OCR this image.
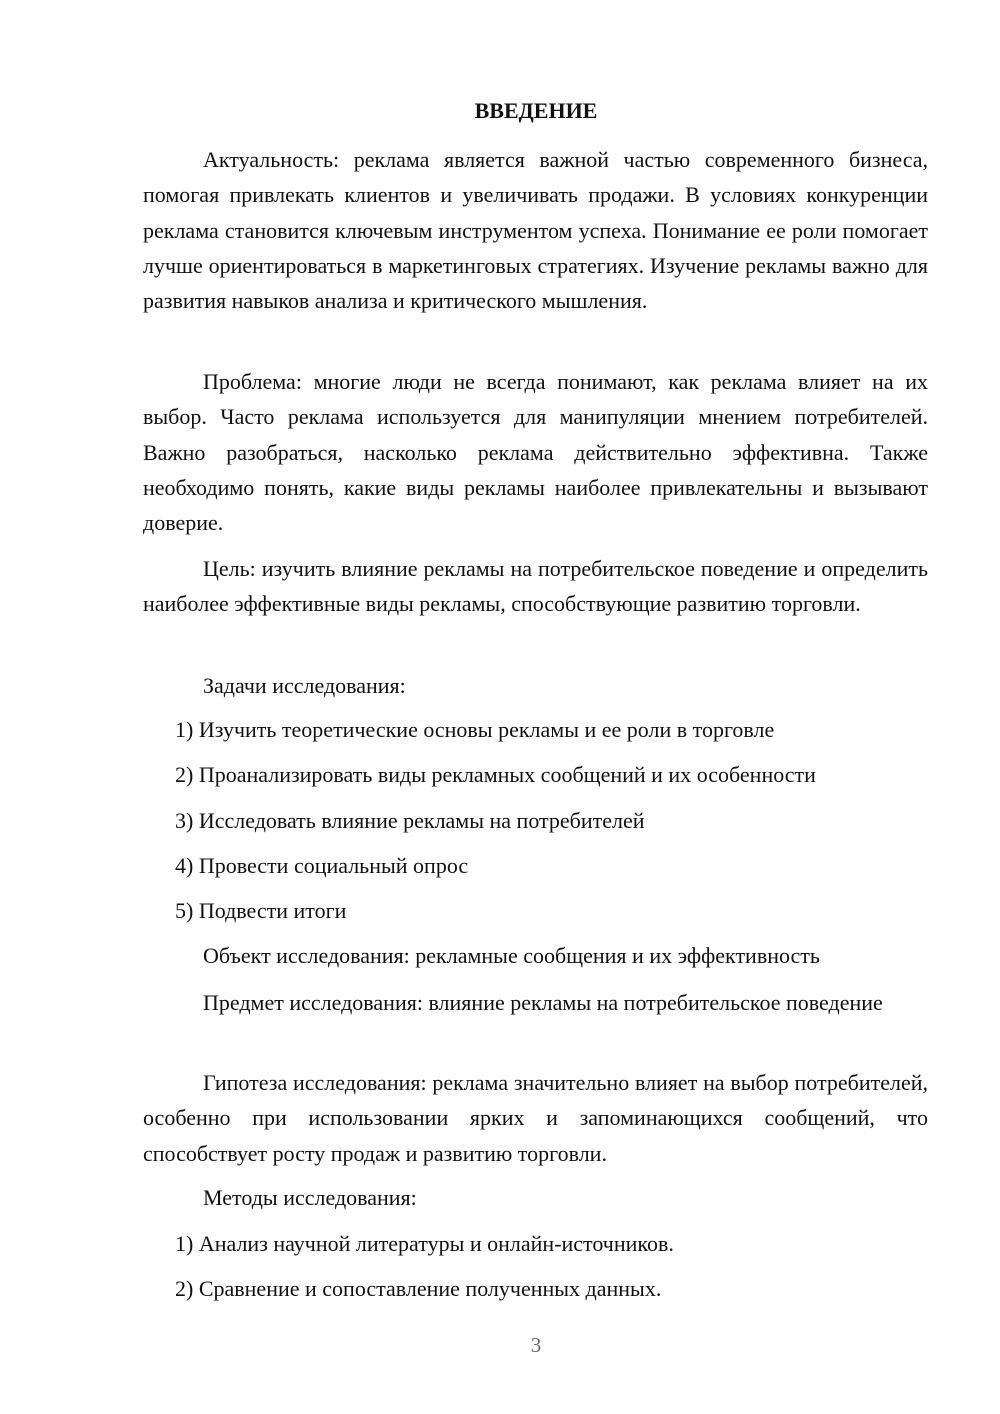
ВВЕДЕНИЕ

Актуальность: реклама является важной частью современного бизнеса, помогая привлекать клиентов и увеличивать продажи. В условиях конкуренции реклама становится ключевым инструментом успеха. Понимание ее роли помогает лучше ориентироваться в маркетинговых стратегиях. Изучение рекламы важно для развития навыков анализа и критического мышления.

Проблема: многие люди не всегда понимают, как реклама влияет на их выбор. Часто реклама используется для манипуляции мнением потребителей. Важно разобраться, насколько реклама действительно эффективна. Также необходимо понять, какие виды рекламы наиболее привлекательны и вызывают доверие.

Цель: изучить влияние рекламы на потребительское поведение и определить наиболее эффективные виды рекламы, способствующие развитию торговли.

Задачи исследования:
1) Изучить теоретические основы рекламы и ее роли в торговле
2) Проанализировать виды рекламных сообщений и их особенности
3) Исследовать влияние рекламы на потребителей
4) Провести социальный опрос
5) Подвести итоги
Объект исследования: рекламные сообщения и их эффективность

Предмет исследования: влияние рекламы на потребительское поведение

Гипотеза исследования: реклама значительно влияет на выбор потребителей, особенно при использовании ярких и запоминающихся сообщений, что способствует росту продаж и развитию торговли.

Методы исследования:
1) Анализ научной литературы и онлайн-источников.
2) Сравнение и сопоставление полученных данных.
3
